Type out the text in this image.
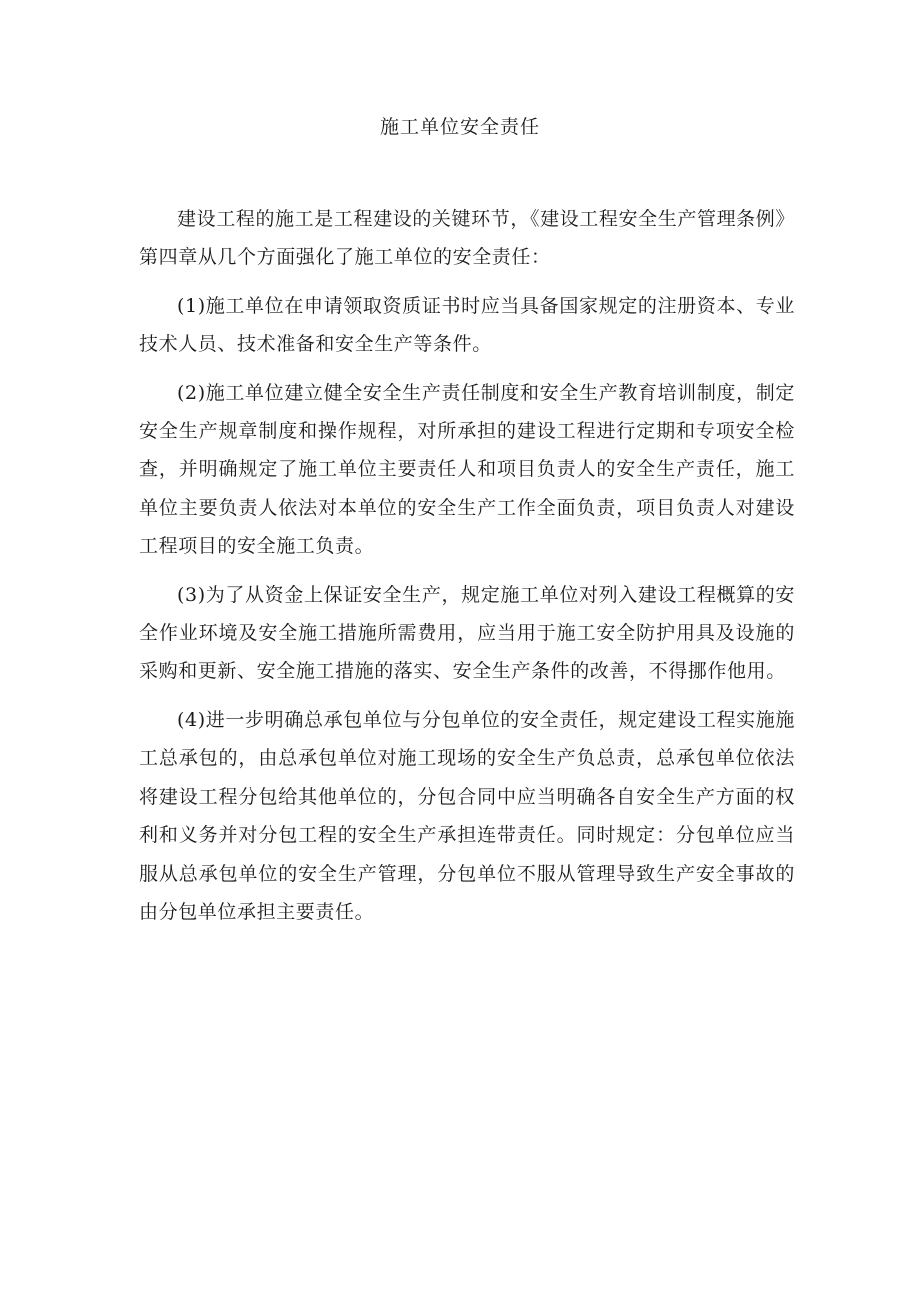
施工单位安全责任

建设工程的施工是工程建设的关键环节，《建设工程安全生产管理条例》第四章从几个方面强化了施工单位的安全责任：

(1)施工单位在申请领取资质证书时应当具备国家规定的注册资本、专业技术人员、技术准备和安全生产等条件。

(2)施工单位建立健全安全生产责任制度和安全生产教育培训制度，制定安全生产规章制度和操作规程，对所承担的建设工程进行定期和专项安全检查，并明确规定了施工单位主要责任人和项目负责人的安全生产责任，施工单位主要负责人依法对本单位的安全生产工作全面负责，项目负责人对建设工程项目的安全施工负责。

(3)为了从资金上保证安全生产，规定施工单位对列入建设工程概算的安全作业环境及安全施工措施所需费用，应当用于施工安全防护用具及设施的采购和更新、安全施工措施的落实、安全生产条件的改善，不得挪作他用。

(4)进一步明确总承包单位与分包单位的安全责任，规定建设工程实施施工总承包的，由总承包单位对施工现场的安全生产负总责，总承包单位依法将建设工程分包给其他单位的，分包合同中应当明确各自安全生产方面的权利和义务并对分包工程的安全生产承担连带责任。同时规定：分包单位应当服从总承包单位的安全生产管理，分包单位不服从管理导致生产安全事故的由分包单位承担主要责任。
